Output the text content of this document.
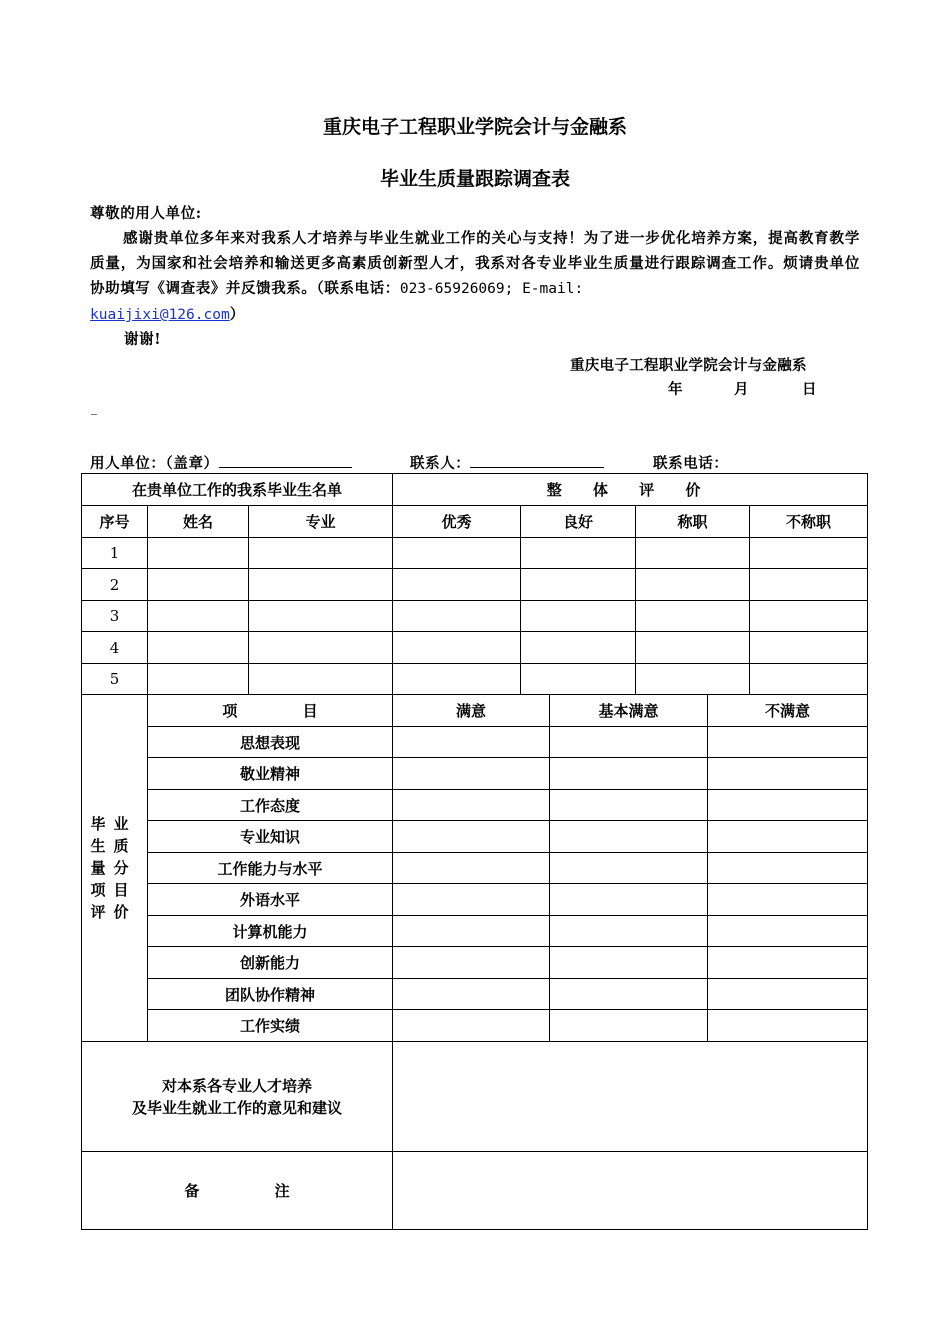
重庆电子工程职业学院会计与金融系
毕业生质量跟踪调查表
尊敬的用人单位:
感谢贵单位多年来对我系人才培养与毕业生就业工作的关心与支持！为了进一步优化培养方案，提高教育教学质量，为国家和社会培养和输送更多高素质创新型人才，我系对各专业毕业生质量进行跟踪调查工作。烦请贵单位协助填写《调查表》并反馈我系。（联系电话：023-65926069; E-mail:
kuaijixi@126.com）
谢谢!
重庆电子工程职业学院会计与金融系
年	月	日
用人单位：（盖章）	联系人：	联系电话：
在贵单位工作的我系毕业生名单			整 体 评 价					
序号	姓名	专业	优秀	良好		称职		不称职
1								
2								
3								
4								
5								
毕业生质量分项目评价	项 目		满意		基本满意		不满意	
	思想表现							
	敬业精神							
	工作态度							
	专业知识							
	工作能力与水平							
	外语水平							
	计算机能力							
	创新能力							
	团队协作精神							
	工作实绩							

对本系各专业人才培养
及毕业生就业工作的意见和建议								

备 注								
